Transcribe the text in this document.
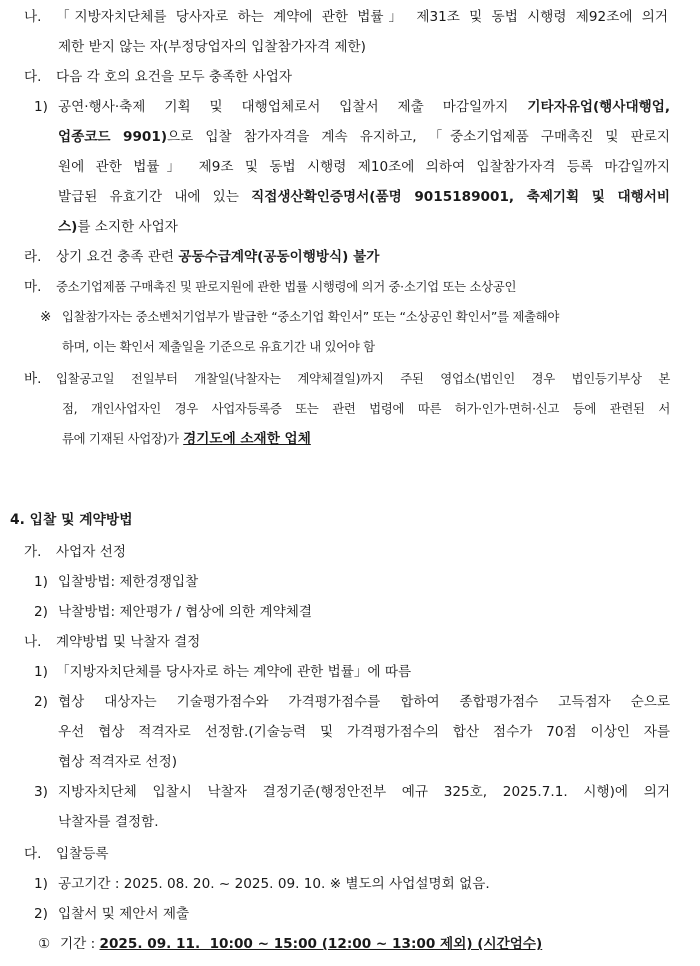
나. 「지방자치단체를 당사자로 하는 계약에 관한 법률」 제31조 및 동법 시행령 제92조에 의거
제한 받지 않는 자(부정당업자의 입찰참가자격 제한)
다. 다음 각 호의 요건을 모두 충족한 사업자
1) 공연·행사·축제 기획 및 대행업체로서 입찰서 제출 마감일까지 기타자유업(행사대행업,
업종코드 9901)으로 입찰 참가자격을 계속 유지하고, 「중소기업제품 구매촉진 및 판로지
원에 관한 법률」 제9조 및 동법 시행령 제10조에 의하여 입찰참가자격 등록 마감일까지
발급된 유효기간 내에 있는 직접생산확인증명서(품명 9015189001, 축제기획 및 대행서비
스)를 소지한 사업자
라. 상기 요건 충족 관련 공동수급계약(공동이행방식) 불가
마. 중소기업제품 구매촉진 및 판로지원에 관한 법률 시행령에 의거 중·소기업 또는 소상공인
※ 입찰참가자는 중소벤처기업부가 발급한 “중소기업 확인서” 또는 “소상공인 확인서”를 제출해야
하며, 이는 확인서 제출일을 기준으로 유효기간 내 있어야 함
바. 입찰공고일 전일부터 개찰일(낙찰자는 계약체결일)까지 주된 영업소(법인인 경우 법인등기부상 본
점, 개인사업자인 경우 사업자등록증 또는 관련 법령에 따른 허가·인가·면허·신고 등에 관련된 서
류에 기재된 사업장)가 경기도에 소재한 업체
4. 입찰 및 계약방법
가. 사업자 선정
1) 입찰방법: 제한경쟁입찰
2) 낙찰방법: 제안평가 / 협상에 의한 계약체결
나. 계약방법 및 낙찰자 결정
1) 「지방자치단체를 당사자로 하는 계약에 관한 법률」에 따름
2) 협상 대상자는 기술평가점수와 가격평가점수를 합하여 종합평가점수 고득점자 순으로
우선 협상 적격자로 선정함.(기술능력 및 가격평가점수의 합산 점수가 70점 이상인 자를
협상 적격자로 선정)
3) 지방자치단체 입찰시 낙찰자 결정기준(행정안전부 예규 325호, 2025.7.1. 시행)에 의거
낙찰자를 결정함.
다. 입찰등록
1) 공고기간 : 2025. 08. 20. ~ 2025. 09. 10. ※ 별도의 사업설명회 없음.
2) 입찰서 및 제안서 제출
① 기간 : 2025. 09. 11.  10:00 ~ 15:00 (12:00 ~ 13:00 제외) (시간엄수)
